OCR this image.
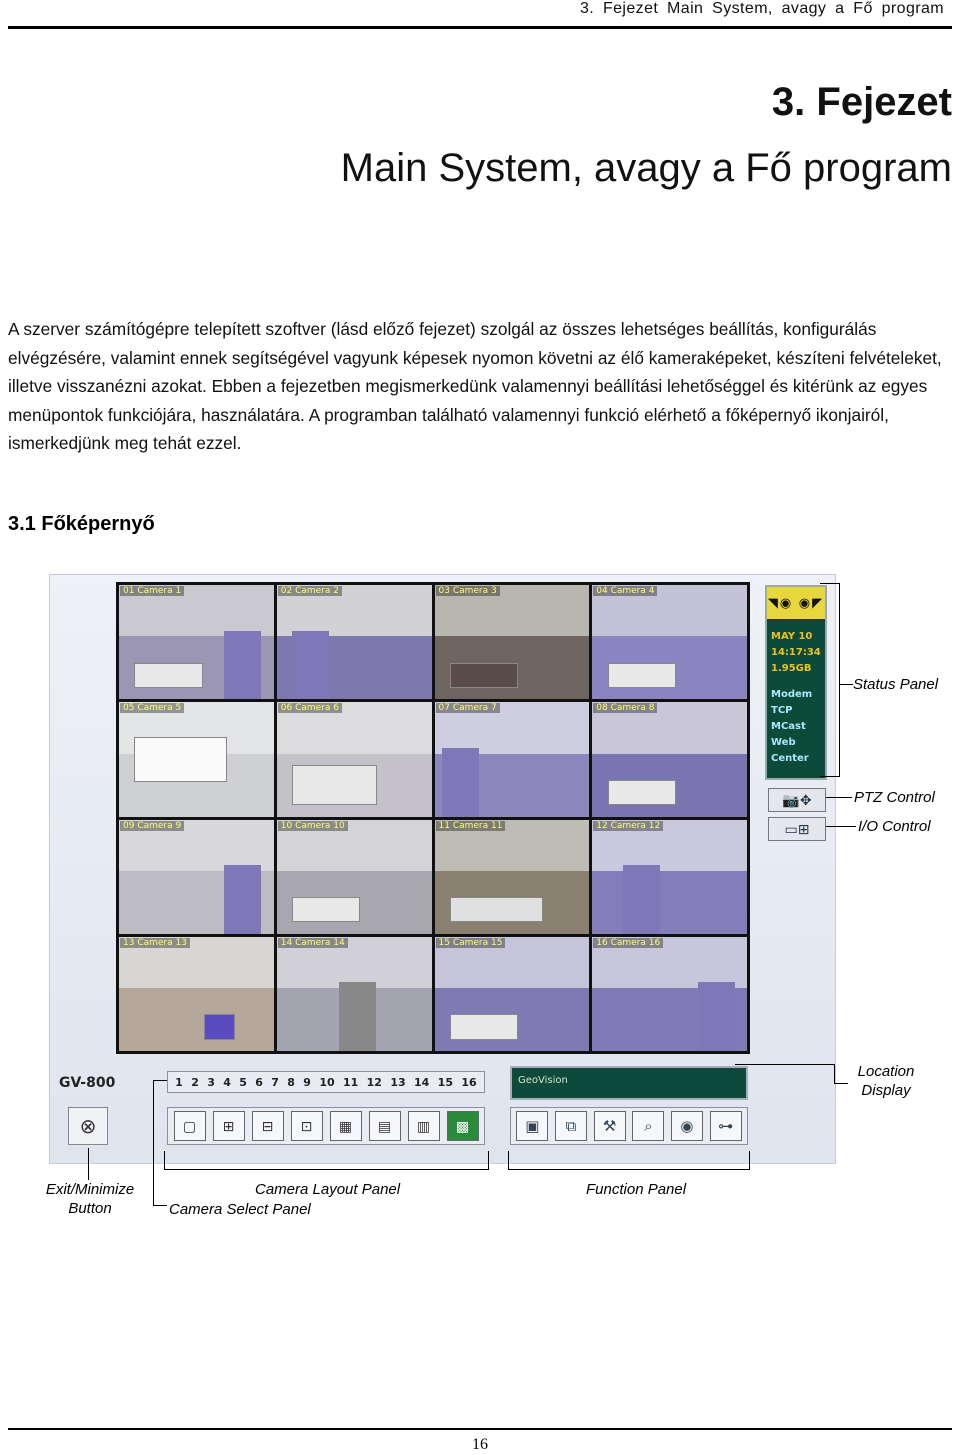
3. Fejezet Main System, avagy a Fő program
3. Fejezet
Main System, avagy a Fő program

A szerver számítógépre telepített szoftver (lásd előző fejezet) szolgál az összes lehetséges beállítás, konfigurálás elvégzésére, valamint ennek segítségével vagyunk képesek nyomon követni az élő kameraképeket, készíteni felvételeket, illetve visszanézni azokat. Ebben a fejezetben megismerkedünk valamennyi beállítási lehetőséggel és kitérünk az egyes menüpontok funkciójára, használatára. A programban található valamennyi funkció elérhető a főképernyő ikonjairól, ismerkedjünk meg tehát ezzel.

3.1 Főképernyő
01 Camera 1	02 Camera 2	03 Camera 3	04 Camera 4
05 Camera 5	06 Camera 6	07 Camera 7	08 Camera 8
09 Camera 9	10 Camera 10	11 Camera 11	12 Camera 12
13 Camera 13	14 Camera 14	15 Camera 15	16 Camera 16
◥◉ ◉◤
MAY 10
14:17:34
1.95GB
Modem
TCP
MCast
Web
Center
📷✥
▭⊞
GV-800
⊗
1 2 3 4 5 6 7 8 9 10 11 12 13 14 15 16
▢ ⊞ ⊟ ⊡ ▦ ▤ ▥ ▩
GeoVision
▣ ⧉ ⚒ ⌕ ◉ ⊶
Status Panel
PTZ Control
I/O Control
Location
Display
Exit/Minimize
Button	Camera Select Panel
Camera Layout Panel	Function Panel
16
